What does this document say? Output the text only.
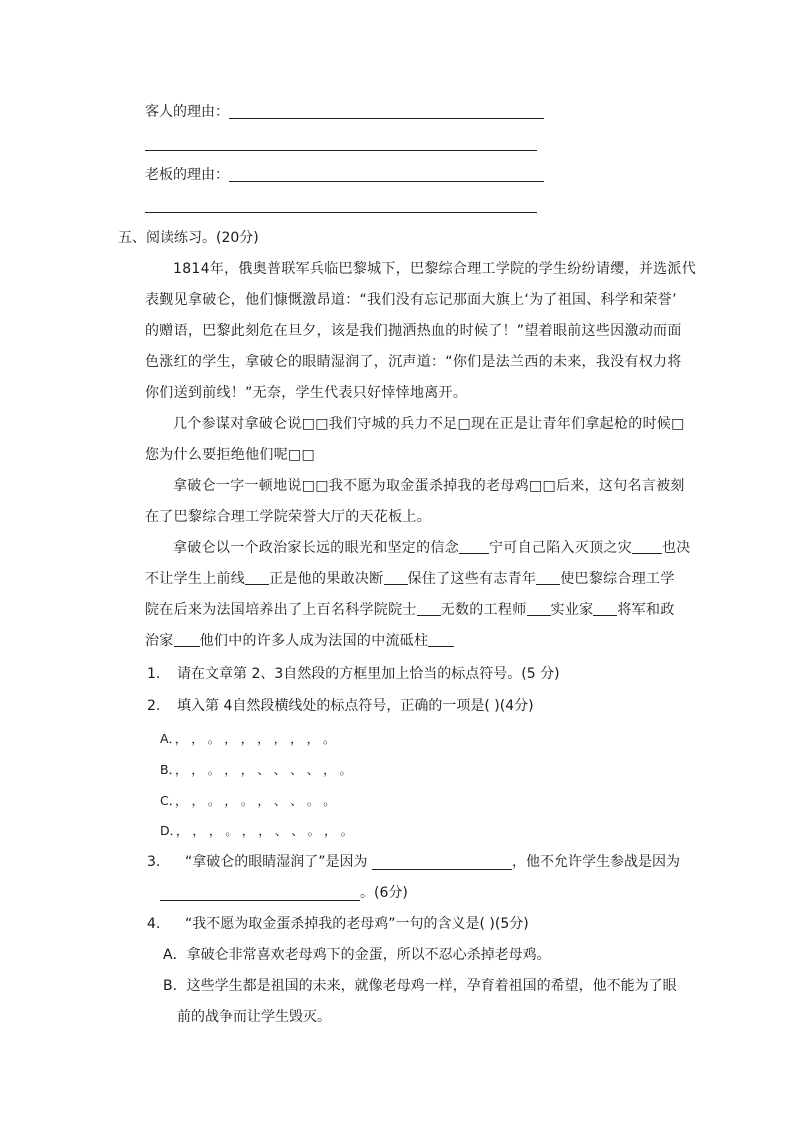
客人的理由：
老板的理由：
五、阅读练习。(20分)
1814年，俄奥普联军兵临巴黎城下，巴黎综合理工学院的学生纷纷请缨，并选派代
表觐见拿破仑，他们慷慨激昂道：“我们没有忘记那面大旗上‘为了祖国、科学和荣誉’
的赠语，巴黎此刻危在旦夕，该是我们抛洒热血的时候了！”望着眼前这些因激动而面
色涨红的学生，拿破仑的眼睛湿润了，沉声道：“你们是法兰西的未来，我没有权力将
你们送到前线！”无奈，学生代表只好悻悻地离开。
几个参谋对拿破仑说□□我们守城的兵力不足□现在正是让青年们拿起枪的时候□
您为什么要拒绝他们呢□□
拿破仑一字一顿地说□□我不愿为取金蛋杀掉我的老母鸡□□后来，这句名言被刻
在了巴黎综合理工学院荣誉大厅的天花板上。
拿破仑以一个政治家长远的眼光和坚定的信念 宁可自己陷入灭顶之灾 也决
不让学生上前线 正是他的果敢决断 保住了这些有志青年 使巴黎综合理工学
院在后来为法国培养出了上百名科学院院士 无数的工程师 实业家 将军和政
治家 他们中的许多人成为法国的中流砥柱
1. 请在文章第 2、3自然段的方框里加上恰当的标点符号。(5 分)
2. 填入第 4自然段横线处的标点符号，正确的一项是( )(4分)
A．， ， 。 ， ， ， ， ， ， 。
B．， ， 。 ， ， 、 、 、 、 ， 。
C．， ， 。 ， 。 ， 、 、 。 。
D．， ， ， 。 ， ， 、 、 。 ， 。
3. “拿破仑的眼睛湿润了”是因为	，他不允许学生参战是因为
。(6分)
4. “我不愿为取金蛋杀掉我的老母鸡”一句的含义是( )(5分)
A．拿破仑非常喜欢老母鸡下的金蛋，所以不忍心杀掉老母鸡。
B．这些学生都是祖国的未来，就像老母鸡一样，孕育着祖国的希望，他不能为了眼
前的战争而让学生毁灭。
